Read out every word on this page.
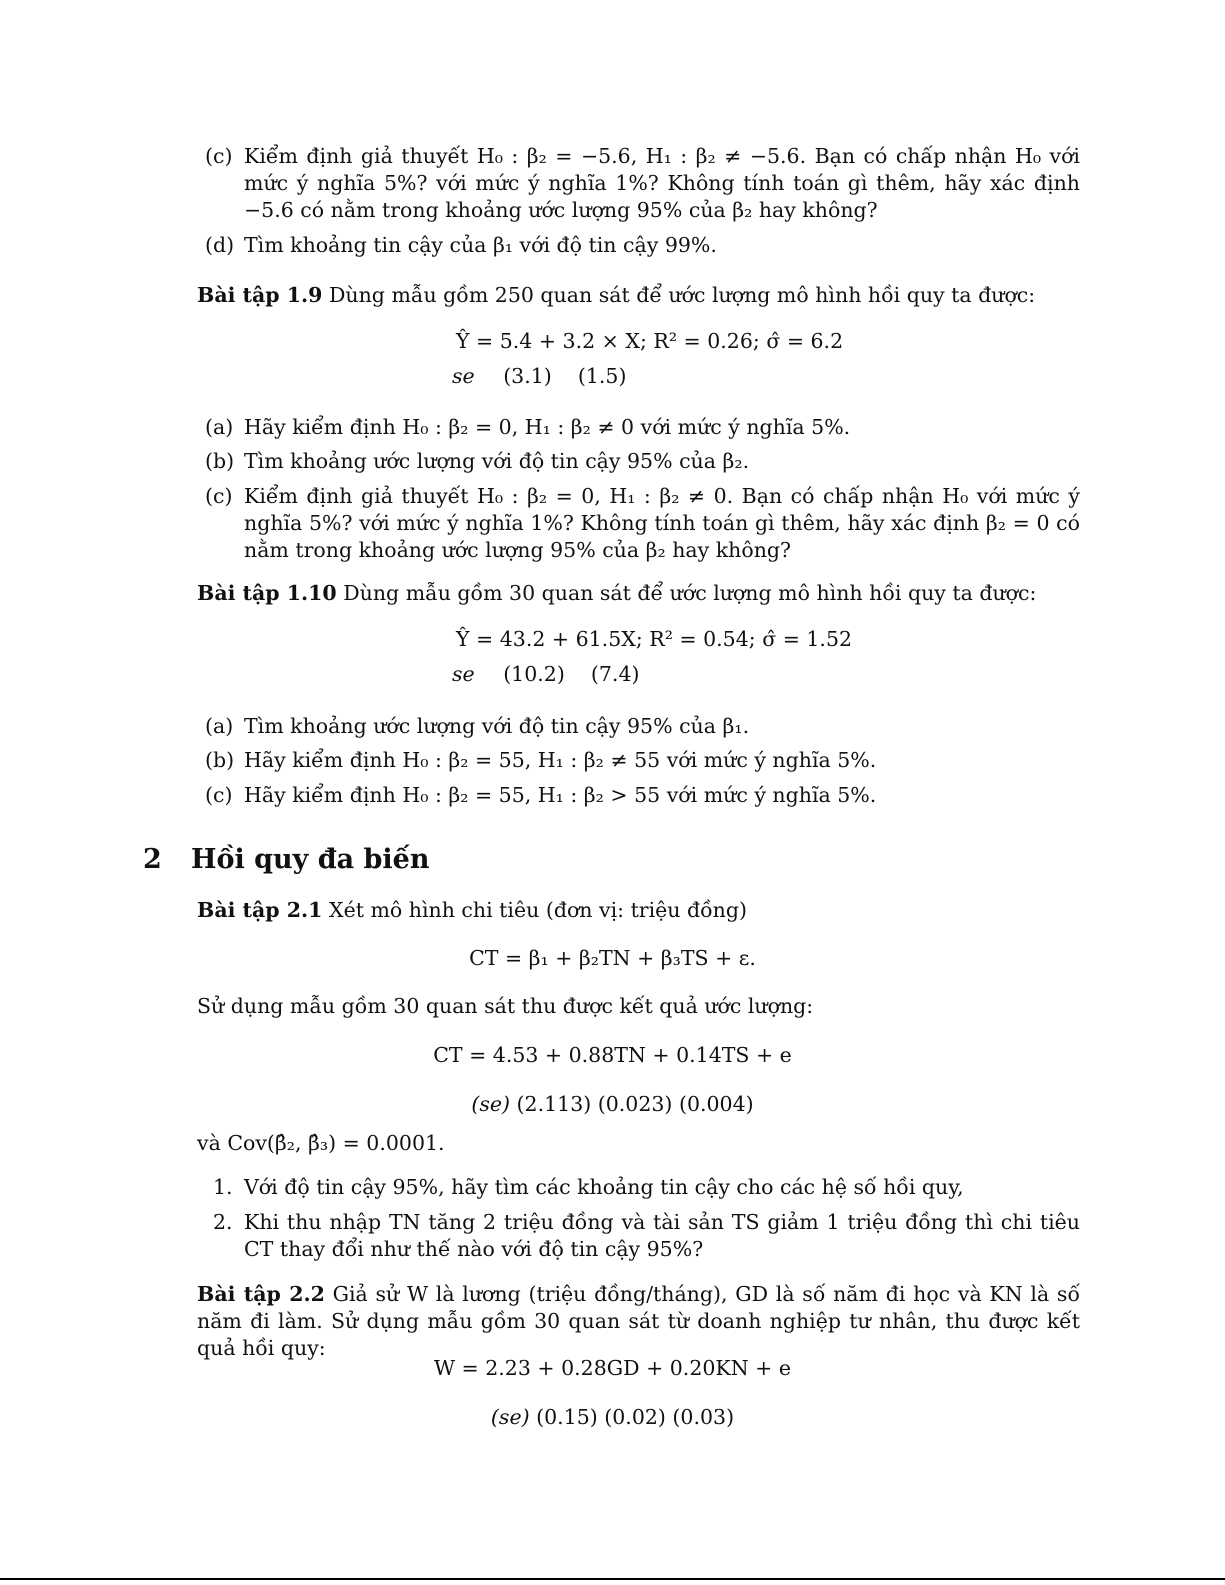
(c) Kiểm định giả thuyết H₀ : β₂ = −5.6, H₁ : β₂ ≠ −5.6. Bạn có chấp nhận H₀ với mức ý nghĩa 5%? với mức ý nghĩa 1%? Không tính toán gì thêm, hãy xác định −5.6 có nằm trong khoảng ước lượng 95% của β₂ hay không?
(d) Tìm khoảng tin cậy của β₁ với độ tin cậy 99%.
Bài tập 1.9 Dùng mẫu gồm 250 quan sát để ước lượng mô hình hồi quy ta được:
Ŷ = 5.4 + 3.2 × X; R² = 0.26; σ̂ = 6.2
se (3.1)    (1.5)
(a) Hãy kiểm định H₀ : β₂ = 0, H₁ : β₂ ≠ 0 với mức ý nghĩa 5%.
(b) Tìm khoảng ước lượng với độ tin cậy 95% của β₂.
(c) Kiểm định giả thuyết H₀ : β₂ = 0, H₁ : β₂ ≠ 0. Bạn có chấp nhận H₀ với mức ý nghĩa 5%? với mức ý nghĩa 1%? Không tính toán gì thêm, hãy xác định β₂ = 0 có nằm trong khoảng ước lượng 95% của β₂ hay không?
Bài tập 1.10 Dùng mẫu gồm 30 quan sát để ước lượng mô hình hồi quy ta được:
Ŷ = 43.2 + 61.5X; R² = 0.54; σ̂ = 1.52
se (10.2)    (7.4)
(a) Tìm khoảng ước lượng với độ tin cậy 95% của β₁.
(b) Hãy kiểm định H₀ : β₂ = 55, H₁ : β₂ ≠ 55 với mức ý nghĩa 5%.
(c) Hãy kiểm định H₀ : β₂ = 55, H₁ : β₂ > 55 với mức ý nghĩa 5%.
2 Hồi quy đa biến
Bài tập 2.1 Xét mô hình chi tiêu (đơn vị: triệu đồng)
CT = β₁ + β₂TN + β₃TS + ε.
Sử dụng mẫu gồm 30 quan sát thu được kết quả ước lượng:
CT = 4.53 + 0.88TN + 0.14TS + e
(se) (2.113) (0.023) (0.004)
và Cov(β̂₂, β̂₃) = 0.0001.
1. Với độ tin cậy 95%, hãy tìm các khoảng tin cậy cho các hệ số hồi quy,
2. Khi thu nhập TN tăng 2 triệu đồng và tài sản TS giảm 1 triệu đồng thì chi tiêu CT thay đổi như thế nào với độ tin cậy 95%?
Bài tập 2.2 Giả sử W là lương (triệu đồng/tháng), GD là số năm đi học và KN là số năm đi làm. Sử dụng mẫu gồm 30 quan sát từ doanh nghiệp tư nhân, thu được kết quả hồi quy:
W = 2.23 + 0.28GD + 0.20KN + e
(se) (0.15) (0.02) (0.03)
